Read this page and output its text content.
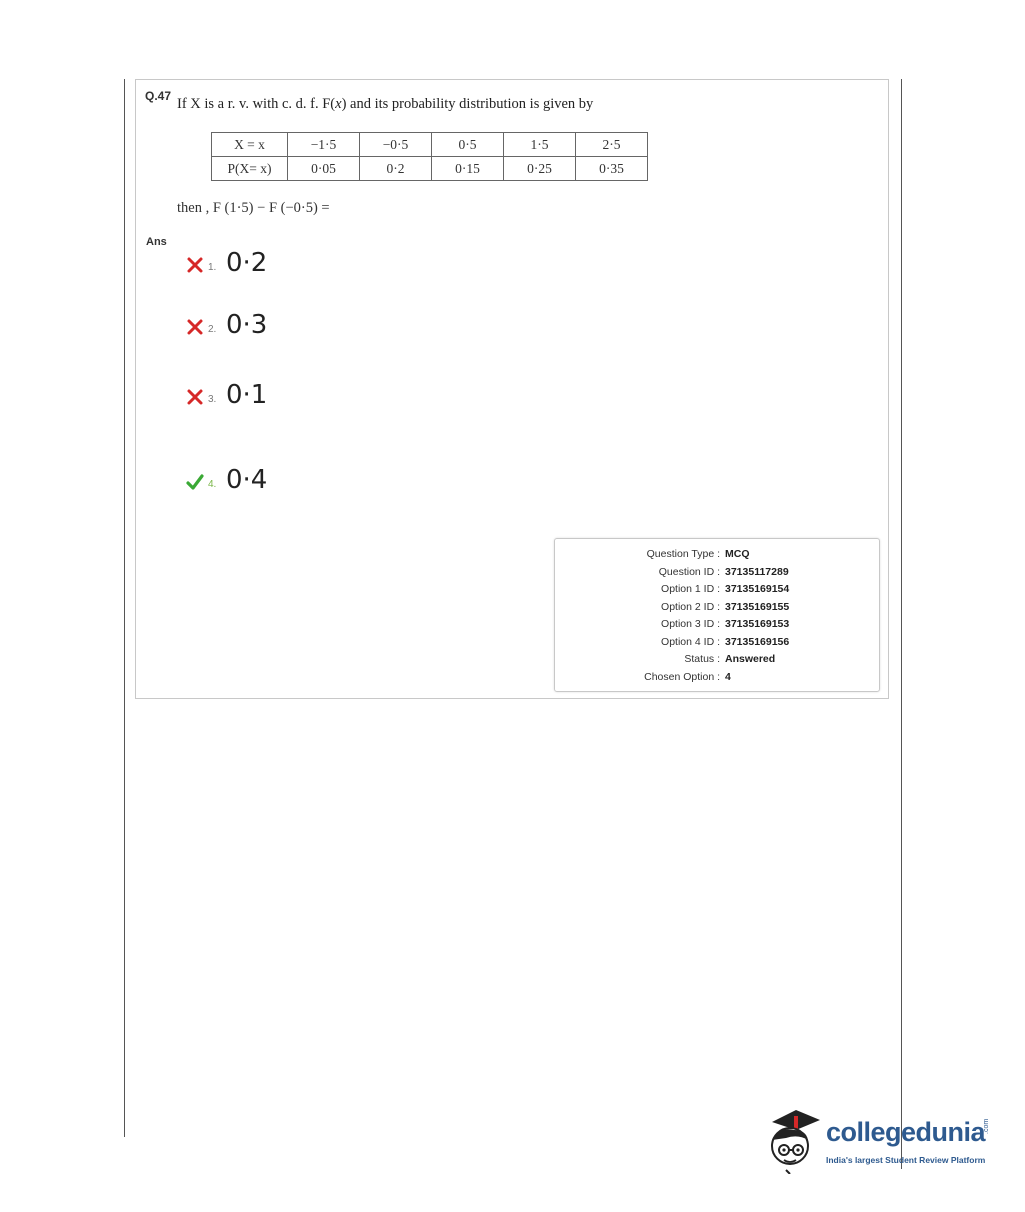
Q.47 If X is a r. v. with c. d. f. F(x) and its probability distribution is given by
X = x	−1·5	−0·5	0·5	1·5	2·5
P(X= x)	0·05	0·2	0·15	0·25	0·35
then , F (1·5) − F (−0·5) =
Ans
1. 0·2
2. 0·3
3. 0·1
4. 0·4
Question Type : MCQ
Question ID : 37135117289
Option 1 ID : 37135169154
Option 2 ID : 37135169155
Option 3 ID : 37135169153
Option 4 ID : 37135169156
Status : Answered
Chosen Option : 4
collegedunia
.com
India's largest Student Review Platform
